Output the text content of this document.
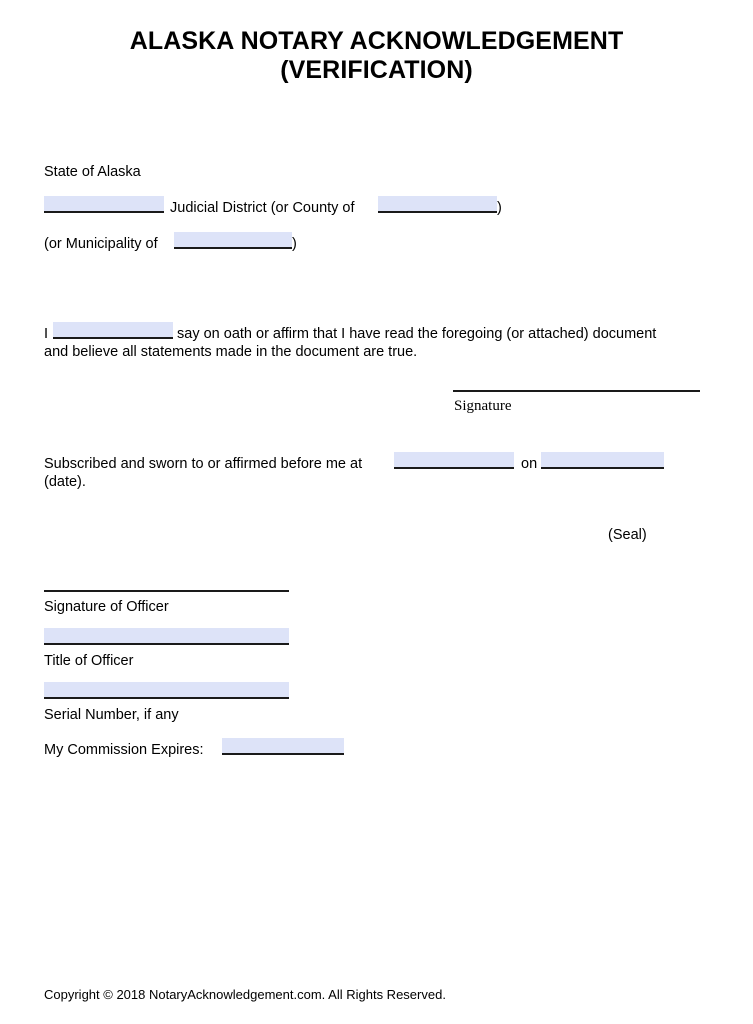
ALASKA NOTARY ACKNOWLEDGEMENT
(VERIFICATION)
State of Alaska
Judicial District (or County of	)
(or Municipality of	)
I	say on oath or affirm that I have read the foregoing (or attached) document
and believe all statements made in the document are true.
Signature
Subscribed and sworn to or affirmed before me at	on
(date).
(Seal)
Signature of Officer
Title of Officer
Serial Number, if any
My Commission Expires:
Copyright © 2018 NotaryAcknowledgement.com. All Rights Reserved.
